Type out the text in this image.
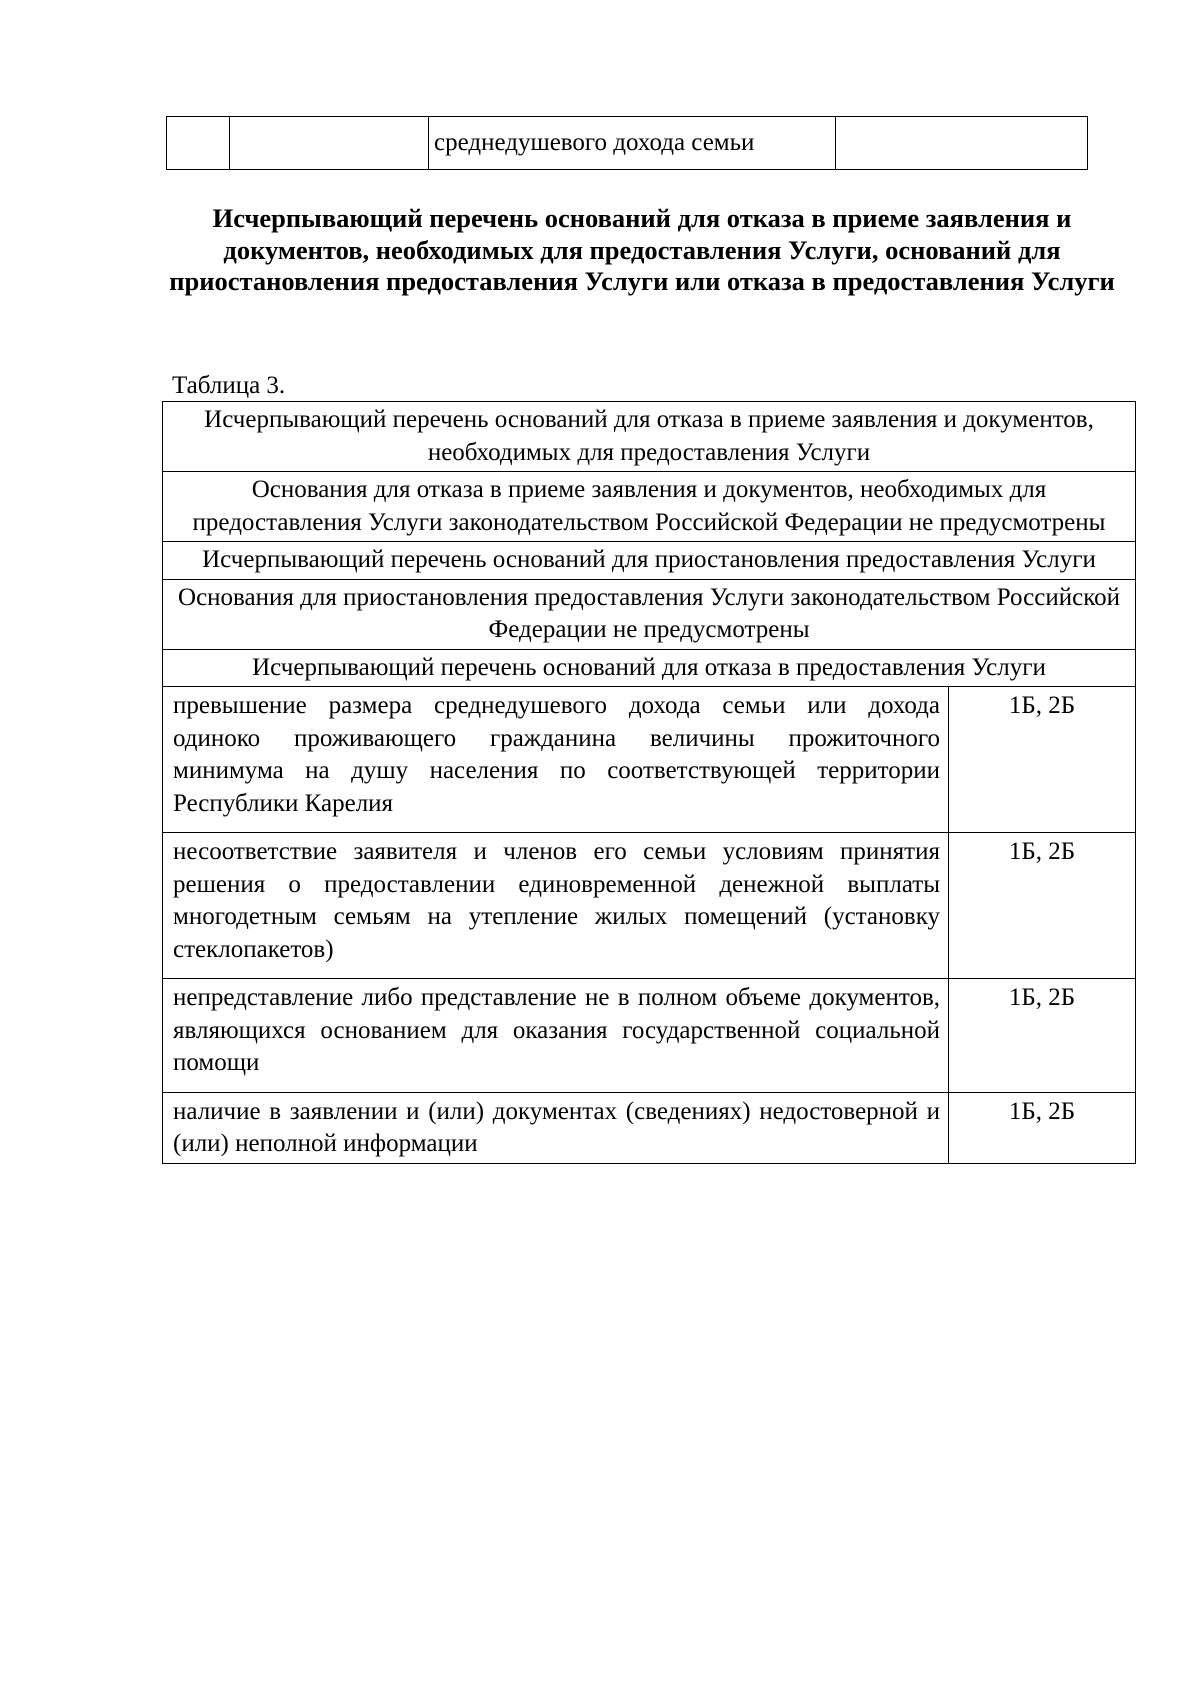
		среднедушевого дохода семьи	
Исчерпывающий перечень оснований для отказа в приеме заявления и документов, необходимых для предоставления Услуги, оснований для приостановления предоставления Услуги или отказа в предоставления Услуги

Таблица 3.

Исчерпывающий перечень оснований для отказа в приеме заявления и документов, необходимых для предоставления Услуги	
Основания для отказа в приеме заявления и документов, необходимых для предоставления Услуги законодательством Российской Федерации не предусмотрены	
Исчерпывающий перечень оснований для приостановления предоставления Услуги	
Основания для приостановления предоставления Услуги законодательством Российской Федерации не предусмотрены	
Исчерпывающий перечень оснований для отказа в предоставления Услуги	
превышение размера среднедушевого дохода семьи или дохода одиноко проживающего гражданина величины прожиточного минимума на душу населения по соответствующей территории Республики Карелия	1Б, 2Б
несоответствие заявителя и членов его семьи условиям принятия решения о предоставлении единовременной денежной выплаты многодетным семьям на утепление жилых помещений (установку стеклопакетов)	1Б, 2Б
непредставление либо представление не в полном объеме документов, являющихся основанием для оказания государственной социальной помощи	1Б, 2Б
наличие в заявлении и (или) документах (сведениях) недостоверной и (или) неполной информации	1Б, 2Б
